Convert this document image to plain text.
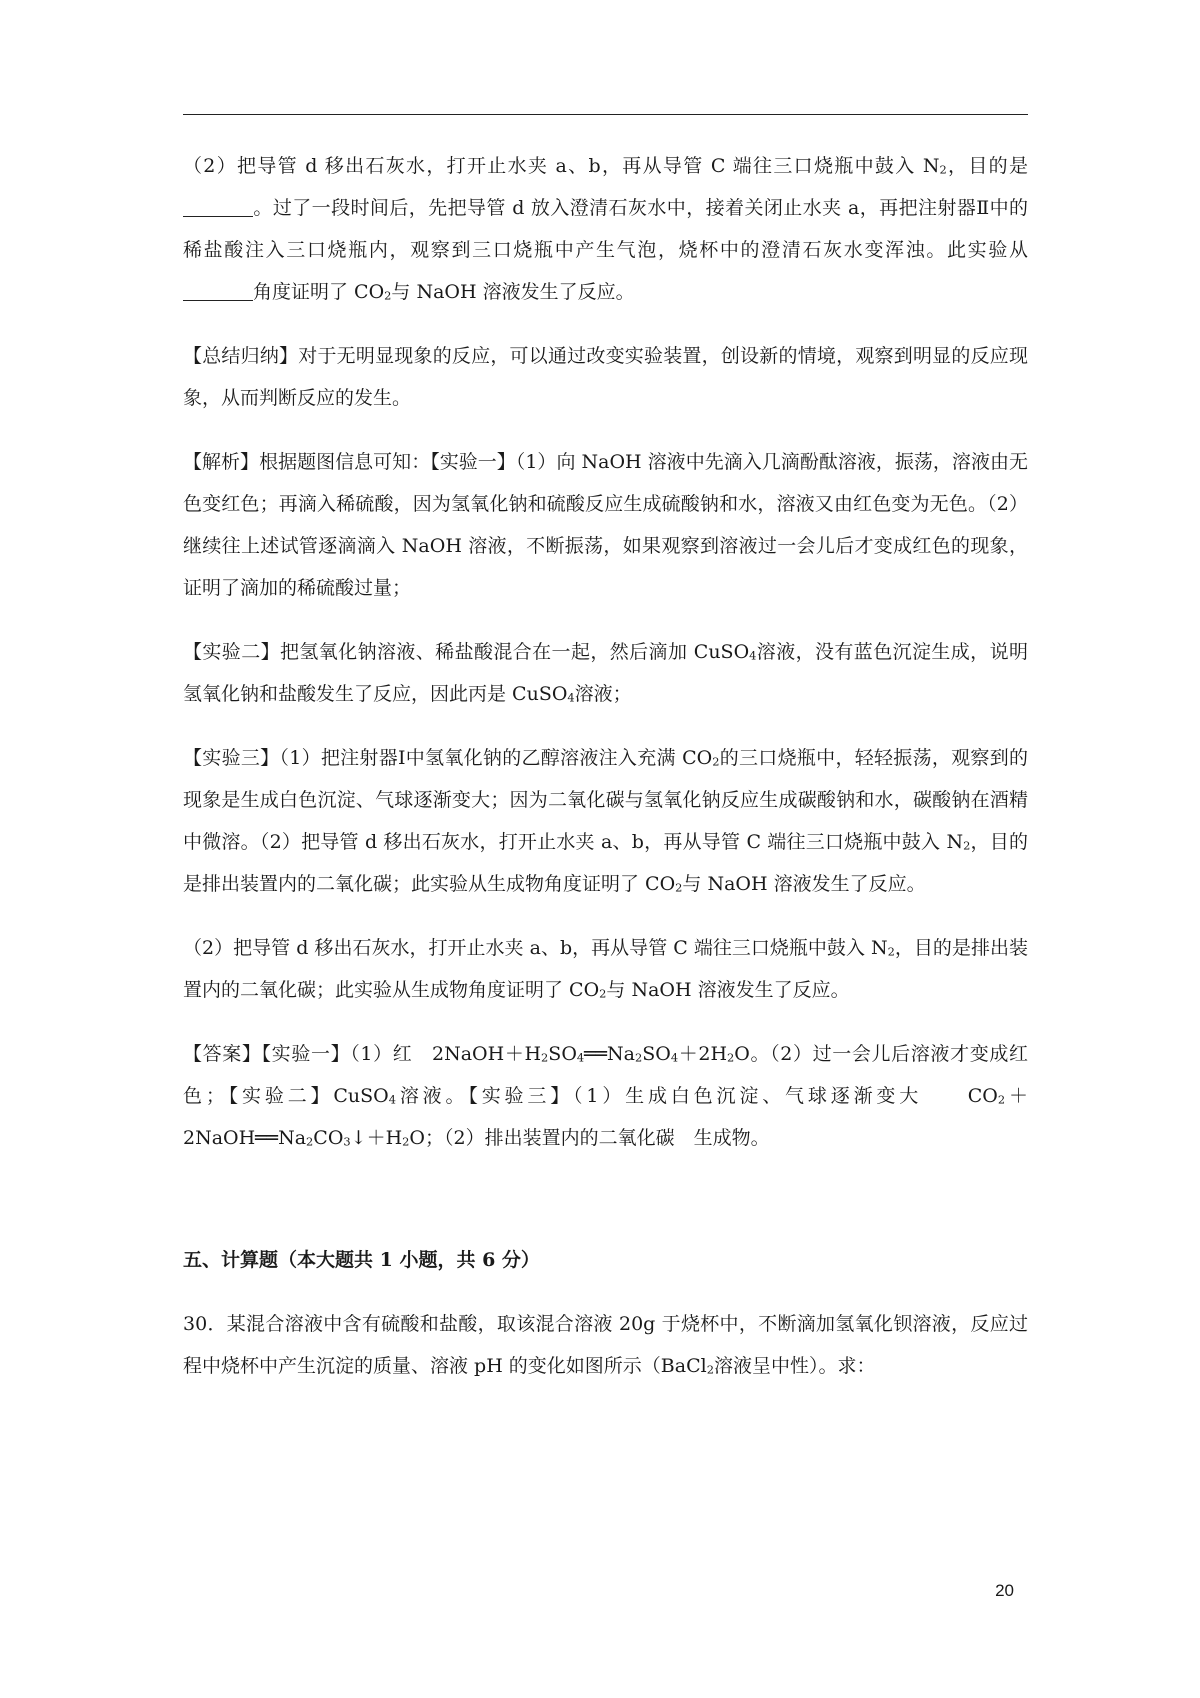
（2）把导管 d 移出石灰水，打开止水夹 a、b，再从导管 C 端往三口烧瓶中鼓入 $N_2$，目的是。过了一段时间后，先把导管 d 放入澄清石灰水中，接着关闭止水夹 a，再把注射器Ⅱ中的稀盐酸注入三口烧瓶内，观察到三口烧瓶中产生气泡，烧杯中的澄清石灰水变浑浊。此实验从角度证明了 $CO_2$与 NaOH 溶液发生了反应。

【总结归纳】对于无明显现象的反应，可以通过改变实验装置，创设新的情境，观察到明显的反应现象，从而判断反应的发生。

【解析】根据题图信息可知：【实验一】（1）向 NaOH 溶液中先滴入几滴酚酞溶液，振荡，溶液由无色变红色；再滴入稀硫酸，因为氢氧化钠和硫酸反应生成硫酸钠和水，溶液又由红色变为无色。（2）继续往上述试管逐滴滴入 NaOH 溶液，不断振荡，如果观察到溶液过一会儿后才变成红色的现象，证明了滴加的稀硫酸过量；

【实验二】把氢氧化钠溶液、稀盐酸混合在一起，然后滴加 CuSO$_4$溶液，没有蓝色沉淀生成，说明氢氧化钠和盐酸发生了反应，因此丙是 CuSO$_4$溶液；

【实验三】（1）把注射器Ⅰ中氢氧化钠的乙醇溶液注入充满 $CO_2$的三口烧瓶中，轻轻振荡，观察到的现象是生成白色沉淀、气球逐渐变大；因为二氧化碳与氢氧化钠反应生成碳酸钠和水，碳酸钠在酒精中微溶。（2）把导管 d 移出石灰水，打开止水夹 a、b，再从导管 C 端往三口烧瓶中鼓入 $N_2$，目的是排出装置内的二氧化碳；此实验从生成物角度证明了 $CO_2$与 NaOH 溶液发生了反应。

（2）把导管 d 移出石灰水，打开止水夹 a、b，再从导管 C 端往三口烧瓶中鼓入 $N_2$，目的是排出装置内的二氧化碳；此实验从生成物角度证明了 $CO_2$与 NaOH 溶液发生了反应。

【答案】【实验一】（1）红　$2NaOH+H_2SO_4══Na_2SO_4+2H_2O$。（2）过一会儿后溶液才变成红色；【实验二】CuSO$_4$溶液。【实验三】（1）生成白色沉淀、气球逐渐变大　　$CO_2+2NaOH══Na_2CO_3↓+H_2O$；（2）排出装置内的二氧化碳　生成物。

五、计算题（本大题共 1 小题，共 6 分）

30．某混合溶液中含有硫酸和盐酸，取该混合溶液 20g 于烧杯中，不断滴加氢氧化钡溶液，反应过程中烧杯中产生沉淀的质量、溶液 pH 的变化如图所示（BaCl$_2$溶液呈中性）。求：

20
